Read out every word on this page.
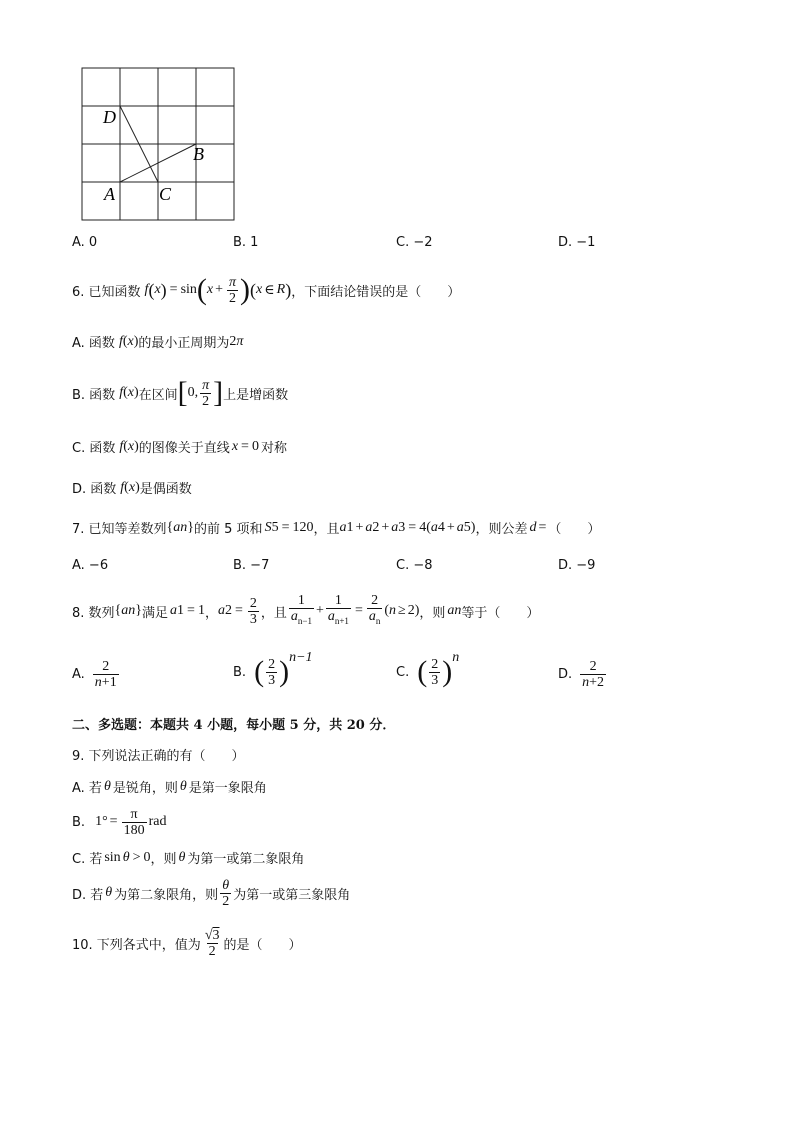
D
B
A C
A. 0	B. 1	C. −2	D. −1
6. 已知函数 f ( x ) = sin ( $x + \frac{\pi}{2}$ ) ( x ∈ R ) ，下面结论错误的是（　　）
A. 函数 f ( x ) 的最小正周期为 2 π
B. 函数 f ( x ) 在区间 [ 0, $\frac{\pi}{2}$ ] 上是增函数
C. 函数 f ( x ) 的图像关于直线 x = 0 对称
D. 函数 f ( x ) 是偶函数
7. 已知等差数列 { a n } 的前 5 项和 S 5 = 120 ，且 a 1 + a 2 + a 3 = 4( a 4 + a 5 ) ，则公差 d = （　　）
A. −6	B. −7	C. −8	D. −9
8. 数列 { a n } 满足 a 1 = 1 ， a $2 = \frac{2}{3}$ ，且 $\frac{1}{a_{n-1}} + \frac{1}{a_{n+1}} = \frac{2}{a_n}$ ( n ≥ 2) ，则 a n 等于（　　）
A. $\frac{2}{n+1}$	B. ( $\frac{2}{3}$ ) n−1
C. ( $\frac{2}{3}$ ) n
D. $\frac{2}{n+2}$
二、多选题：本题共 4 小题，每小题 5 分，共 20 分．
9. 下列说法正确的有（　　）
A. 若 θ 是锐角，则 θ 是第一象限角
B. $1^\circ = \frac{\pi}{180}$ rad
C. 若 sin θ > 0 ，则 θ 为第一或第二象限角
D. 若 θ 为第二象限角，则 $\frac{\theta}{2}$ 为第一或第三象限角
10. 下列各式中，值为 $\frac{√3}{2}$ 的是（　　）
